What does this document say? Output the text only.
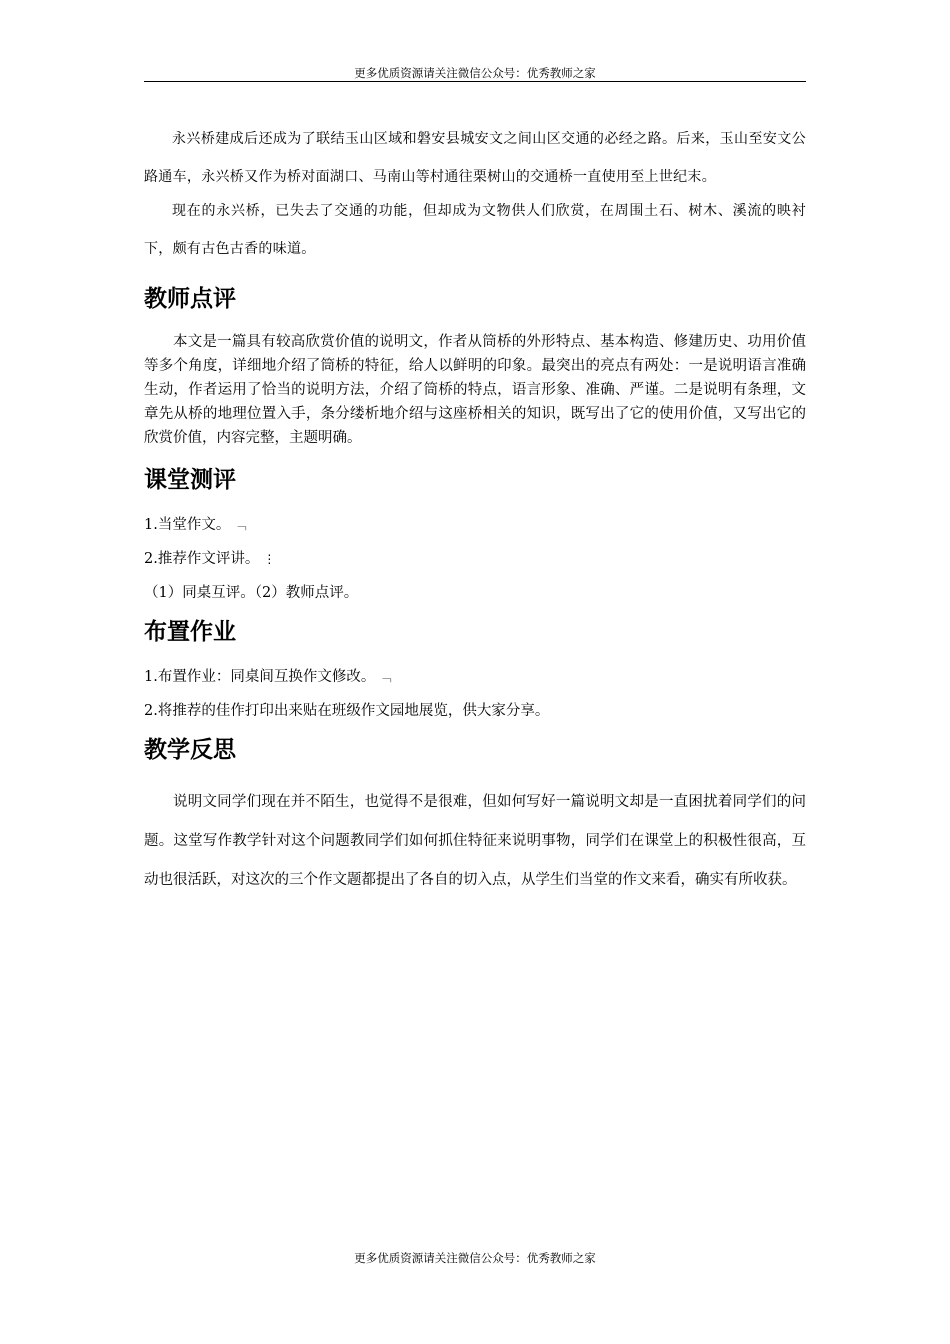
更多优质资源请关注微信公众号：优秀教师之家

永兴桥建成后还成为了联结玉山区域和磐安县城安文之间山区交通的必经之路。后来，玉山至安文公路通车，永兴桥又作为桥对面湖口、马南山等村通往栗树山的交通桥一直使用至上世纪末。

现在的永兴桥，已失去了交通的功能，但却成为文物供人们欣赏，在周围土石、树木、溪流的映衬下，颇有古色古香的味道。

教师点评

本文是一篇具有较高欣赏价值的说明文，作者从筒桥的外形特点、基本构造、修建历史、功用价值等多个角度，详细地介绍了筒桥的特征，给人以鲜明的印象。最突出的亮点有两处：一是说明语言准确生动，作者运用了恰当的说明方法，介绍了筒桥的特点，语言形象、准确、严谨。二是说明有条理，文章先从桥的地理位置入手，条分缕析地介绍与这座桥相关的知识，既写出了它的使用价值，又写出它的欣赏价值，内容完整，主题明确。

课堂测评

1.当堂作文。 ﹁

2.推荐作文评讲。 ⋮

（1）同桌互评。（2）教师点评。

布置作业

1.布置作业：同桌间互换作文修改。 ﹁

2.将推荐的佳作打印出来贴在班级作文园地展览，供大家分享。

教学反思

说明文同学们现在并不陌生，也觉得不是很难，但如何写好一篇说明文却是一直困扰着同学们的问题。这堂写作教学针对这个问题教同学们如何抓住特征来说明事物，同学们在课堂上的积极性很高，互动也很活跃，对这次的三个作文题都提出了各自的切入点，从学生们当堂的作文来看，确实有所收获。

更多优质资源请关注微信公众号：优秀教师之家
